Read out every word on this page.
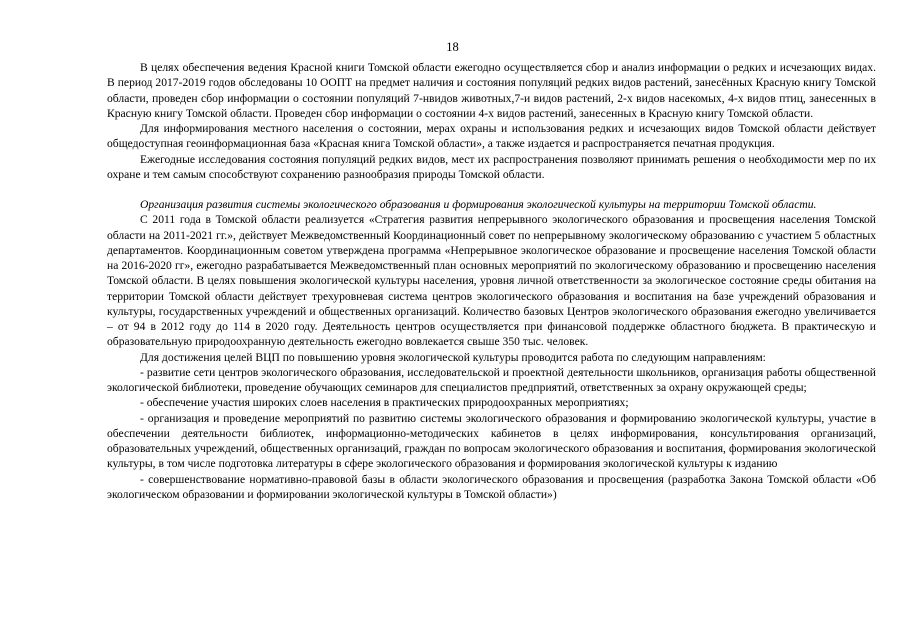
18

В целях обеспечения ведения Красной книги Томской области ежегодно осуществляется сбор и анализ информации о редких и исчезающих видах. В период 2017-2019 годов обследованы 10 ООПТ на предмет наличия и состояния популяций редких видов растений, занесённых Красную книгу Томской области, проведен сбор информации о состоянии популяций 7-нвидов животных,7-и видов растений, 2-х видов насекомых, 4-х видов птиц, занесенных в Красную книгу Томской области. Проведен сбор информации о состоянии 4-х видов растений, занесенных в Красную книгу Томской области.

Для информирования местного населения о состоянии, мерах охраны и использования редких и исчезающих видов Томской области действует общедоступная геоинформационная база «Красная книга Томской области», а также издается и распространяется печатная продукция.

Ежегодные исследования состояния популяций редких видов, мест их распространения позволяют принимать решения о необходимости мер по их охране и тем самым способствуют сохранению разнообразия природы Томской области.

Организация развития системы экологического образования и формирования экологической культуры на территории Томской области.

С 2011 года в Томской области реализуется «Стратегия развития непрерывного экологического образования и просвещения населения Томской области на 2011-2021 гг.», действует Межведомственный Координационный совет по непрерывному экологическому образованию с участием 5 областных департаментов. Координационным советом утверждена программа «Непрерывное экологическое образование и просвещение населения Томской области на 2016-2020 гг», ежегодно разрабатывается Межведомственный план основных мероприятий по экологическому образованию и просвещению населения Томской области. В целях повышения экологической культуры населения, уровня личной ответственности за экологическое состояние среды обитания на территории Томской области действует трехуровневая система центров экологического образования и воспитания на базе учреждений образования и культуры, государственных учреждений и общественных организаций. Количество базовых Центров экологического образования ежегодно увеличивается – от 94 в 2012 году до 114 в 2020 году. Деятельность центров осуществляется при финансовой поддержке областного бюджета. В практическую и образовательную природоохранную деятельность ежегодно вовлекается свыше 350 тыс. человек.

Для достижения целей ВЦП по повышению уровня экологической культуры проводится работа по следующим направлениям:

- развитие сети центров экологического образования, исследовательской и проектной деятельности школьников, организация работы общественной экологической библиотеки, проведение обучающих семинаров для специалистов предприятий, ответственных за охрану окружающей среды;
- обеспечение участия широких слоев населения в практических природоохранных мероприятиях;
- организация и проведение мероприятий по развитию системы экологического образования и формированию экологической культуры, участие в обеспечении деятельности библиотек, информационно-методических кабинетов в целях информирования, консультирования организаций, образовательных учреждений, общественных организаций, граждан по вопросам экологического образования и воспитания, формирования экологической культуры, в том числе подготовка литературы в сфере экологического образования и формирования экологической культуры к изданию
- совершенствование нормативно-правовой базы в области экологического образования и просвещения (разработка Закона Томской области «Об экологическом образовании и формировании экологической культуры в Томской области»)
